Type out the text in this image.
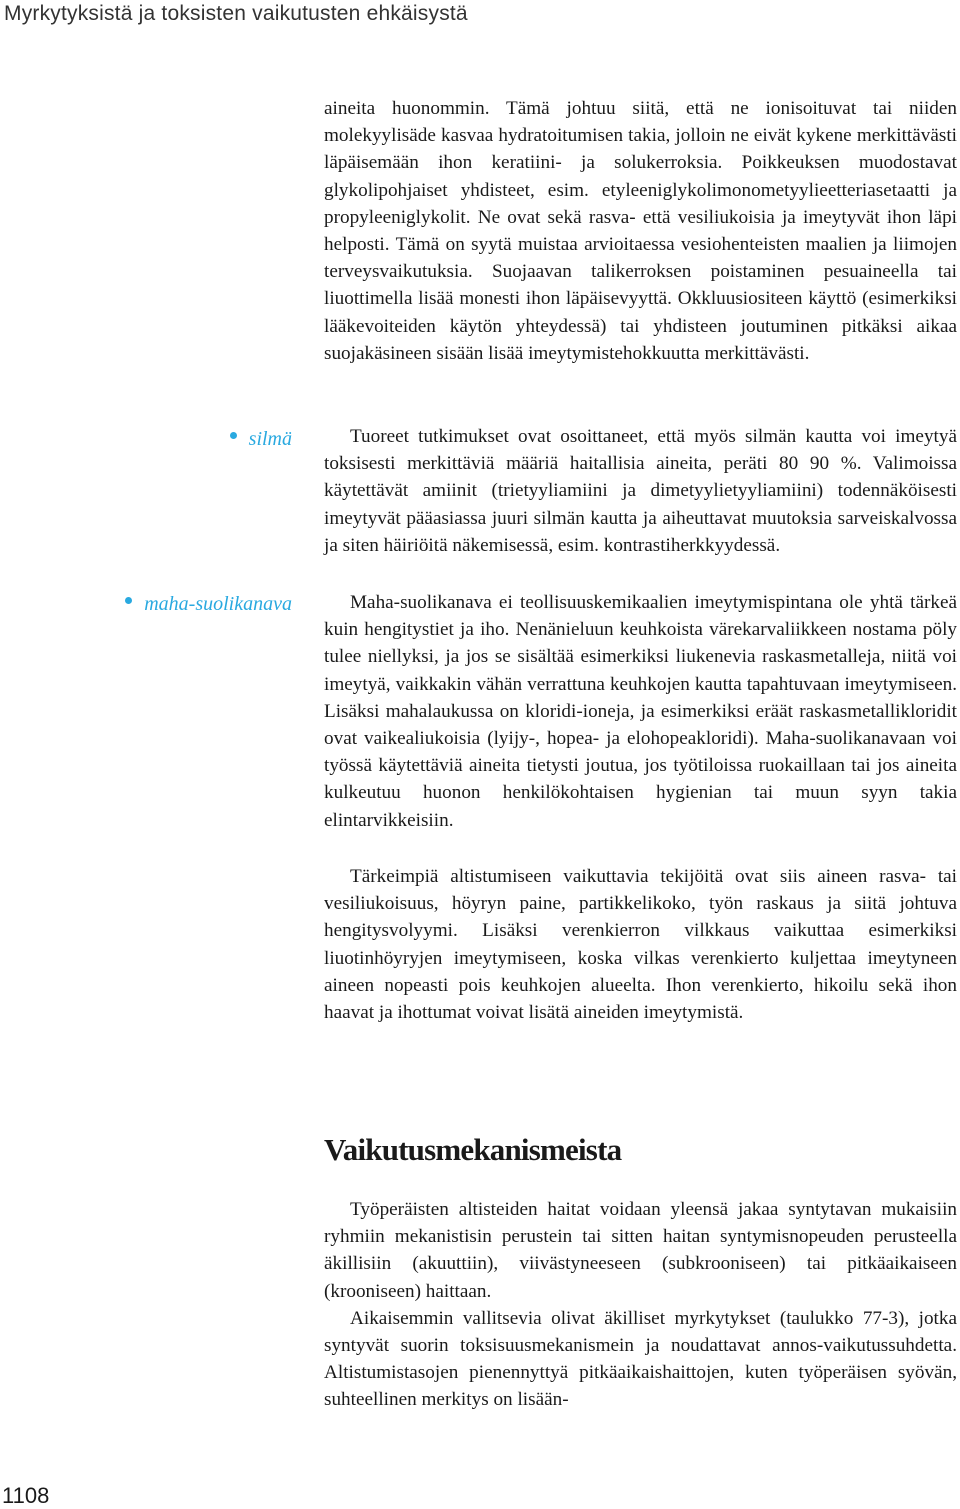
Myrkytyksistä ja toksisten vaikutusten ehkäisystä

aineita huonommin. Tämä johtuu siitä, että ne ionisoituvat tai niiden molekyylisäde kasvaa hydratoitumisen takia, jolloin ne eivät kykene merkittävästi läpäisemään ihon keratiini- ja solukerroksia. Poikkeuksen muodostavat glykolipohjaiset yhdisteet, esim. etyleeniglykolimonometyylieetteriasetaatti ja propyleeniglykolit. Ne ovat sekä rasva- että vesiliukoisia ja imeytyvät ihon läpi helposti. Tämä on syytä muistaa arvioitaessa vesiohenteisten maalien ja liimojen terveysvaikutuksia. Suojaavan talikerroksen poistaminen pesuaineella tai liuottimella lisää monesti ihon läpäisevyyttä. Okkluusiositeen käyttö (esimerkiksi lääkevoiteiden käytön yhteydessä) tai yhdisteen joutuminen pitkäksi aikaa suojakäsineen sisään lisää imeytymistehokkuutta merkittävästi.

silmä	Tuoreet tutkimukset ovat osoittaneet, että myös silmän kautta voi imeytyä toksisesti merkittäviä määriä haitallisia aineita, peräti 80 90 %. Valimoissa käytettävät amiinit (trietyyliamiini ja dimetyylietyyliamiini) todennäköisesti imeytyvät pääasiassa juuri silmän kautta ja aiheuttavat muutoksia sarveiskalvossa ja siten häiriöitä näkemisessä, esim. kontrastiherkkyydessä.

maha-suolikanava	Maha-suolikanava ei teollisuuskemikaalien imeytymispintana ole yhtä tärkeä kuin hengitystiet ja iho. Nenänieluun keuhkoista värekarvaliikkeen nostama pöly tulee niellyksi, ja jos se sisältää esimerkiksi liukenevia raskasmetalleja, niitä voi imeytyä, vaikkakin vähän verrattuna keuhkojen kautta tapahtuvaan imeytymiseen. Lisäksi mahalaukussa on kloridi-ioneja, ja esimerkiksi eräät raskasmetallikloridit ovat vaikealiukoisia (lyijy-, hopea- ja elohopeakloridi). Maha-suolikanavaan voi työssä käytettäviä aineita tietysti joutua, jos työtiloissa ruokaillaan tai jos aineita kulkeutuu huonon henkilökohtaisen hygienian tai muun syyn takia elintarvikkeisiin.

Tärkeimpiä altistumiseen vaikuttavia tekijöitä ovat siis aineen rasva- tai vesiliukoisuus, höyryn paine, partikkelikoko, työn raskaus ja siitä johtuva hengitysvolyymi. Lisäksi verenkierron vilkkaus vaikuttaa esimerkiksi liuotinhöyryjen imeytymiseen, koska vilkas verenkierto kuljettaa imeytyneen aineen nopeasti pois keuhkojen alueelta. Ihon verenkierto, hikoilu sekä ihon haavat ja ihottumat voivat lisätä aineiden imeytymistä.

Vaikutusmekanismeista

Työperäisten altisteiden haitat voidaan yleensä jakaa syntytavan mukaisiin ryhmiin mekanistisin perustein tai sitten haitan syntymisnopeuden perusteella äkillisiin (akuuttiin), viivästyneeseen (subkrooniseen) tai pitkäaikaiseen (krooniseen) haittaan.

Aikaisemmin vallitsevia olivat äkilliset myrkytykset (taulukko 77-3), jotka syntyvät suorin toksisuusmekanismein ja noudattavat annos-vaikutussuhdetta. Altistumistasojen pienennyttyä pitkäaikaishaittojen, kuten työperäisen syövän, suhteellinen merkitys on lisään-

1108
